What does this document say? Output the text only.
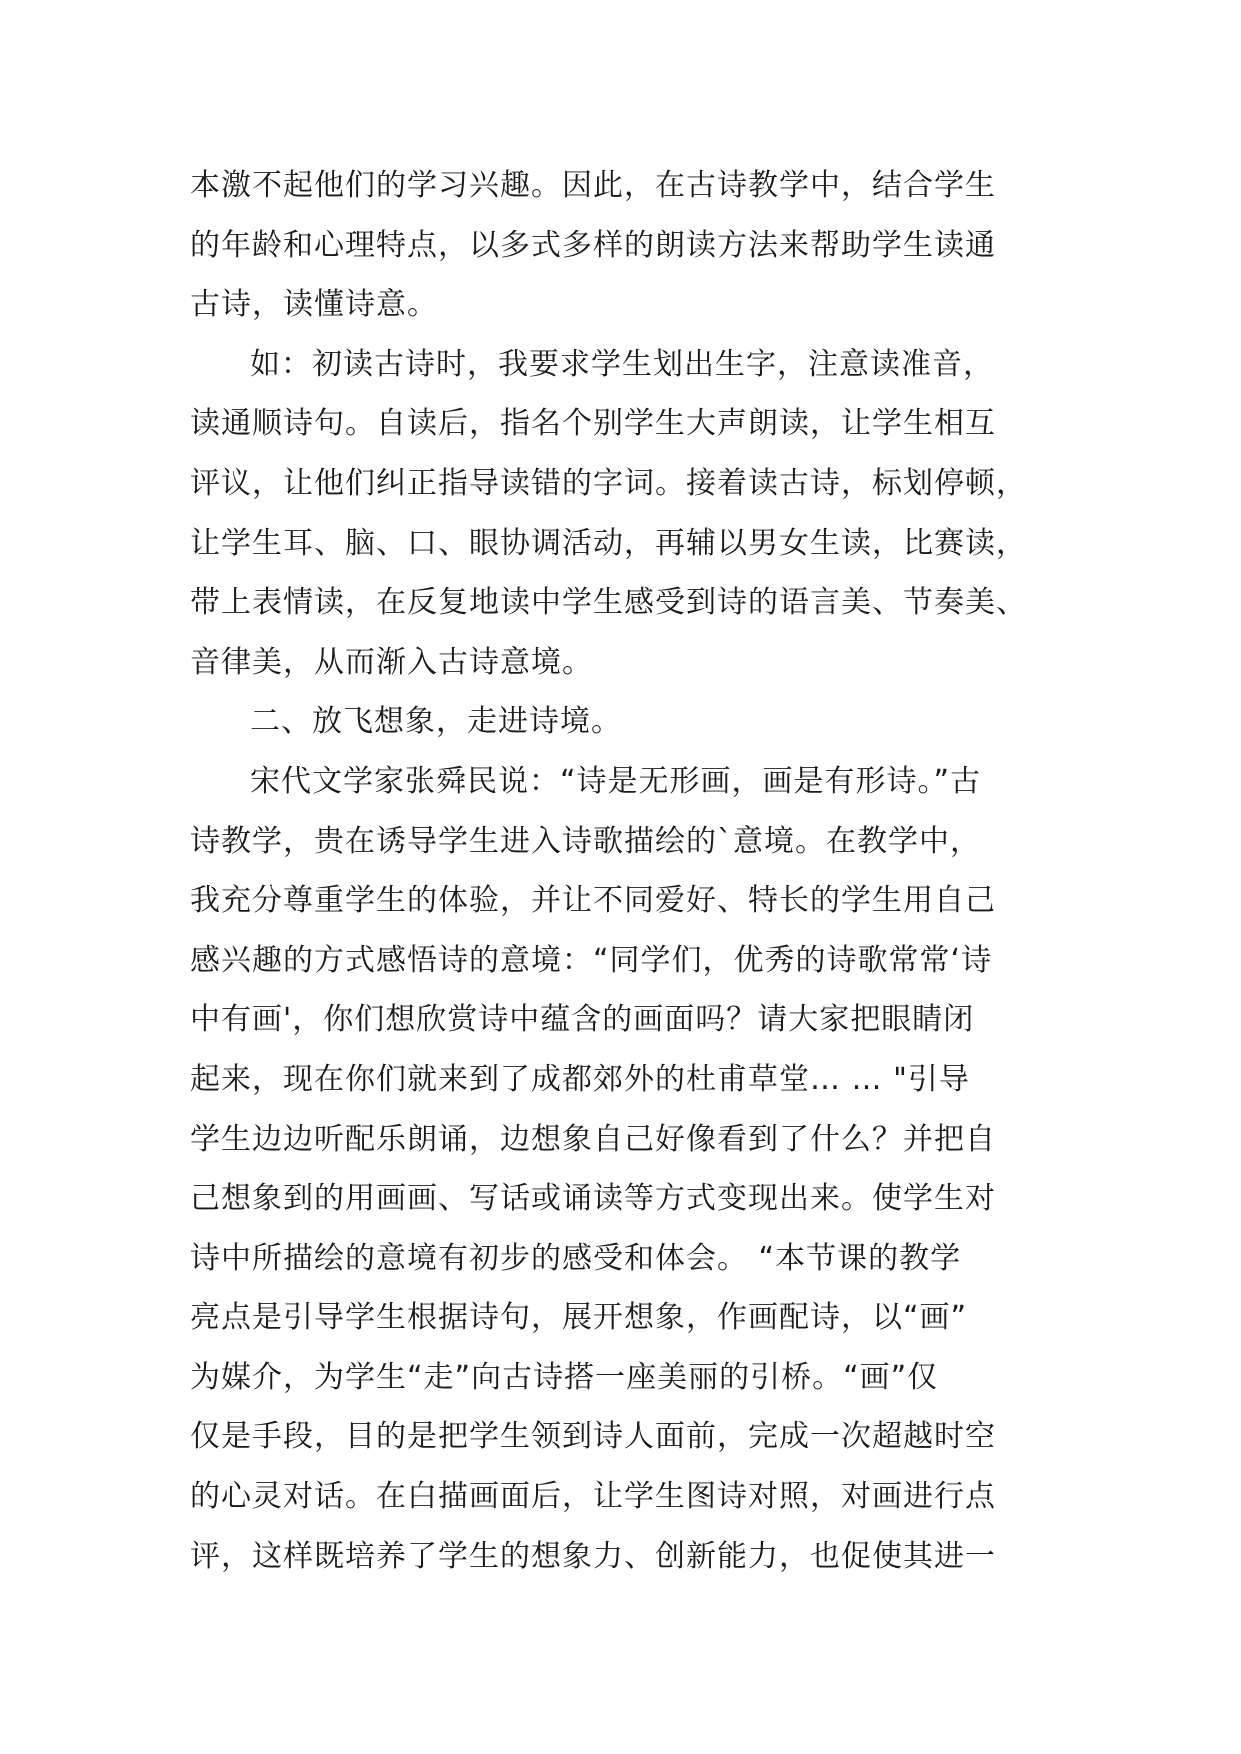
本激不起他们的学习兴趣。因此，在古诗教学中，结合学生
的年龄和心理特点，以多式多样的朗读方法来帮助学生读通
古诗，读懂诗意。
如：初读古诗时，我要求学生划出生字，注意读准音，
读通顺诗句。自读后，指名个别学生大声朗读，让学生相互
评议，让他们纠正指导读错的字词。接着读古诗，标划停顿，
让学生耳、脑、口、眼协调活动，再辅以男女生读，比赛读，
带上表情读，在反复地读中学生感受到诗的语言美、节奏美、
音律美，从而渐入古诗意境。
二、放飞想象，走进诗境。
宋代文学家张舜民说：“诗是无形画，画是有形诗。”古
诗教学，贵在诱导学生进入诗歌描绘的`意境。在教学中，
我充分尊重学生的体验，并让不同爱好、特长的学生用自己
感兴趣的方式感悟诗的意境：“同学们，优秀的诗歌常常‘诗
中有画'，你们想欣赏诗中蕴含的画面吗？请大家把眼睛闭
起来，现在你们就来到了成都郊外的杜甫草堂… … "引导
学生边边听配乐朗诵，边想象自己好像看到了什么？并把自
己想象到的用画画、写话或诵读等方式变现出来。使学生对
诗中所描绘的意境有初步的感受和体会。 “本节课的教学
亮点是引导学生根据诗句，展开想象，作画配诗，以“画”
为媒介，为学生“走”向古诗搭一座美丽的引桥。“画”仅
仅是手段，目的是把学生领到诗人面前，完成一次超越时空
的心灵对话。在白描画面后，让学生图诗对照，对画进行点
评，这样既培养了学生的想象力、创新能力，也促使其进一
